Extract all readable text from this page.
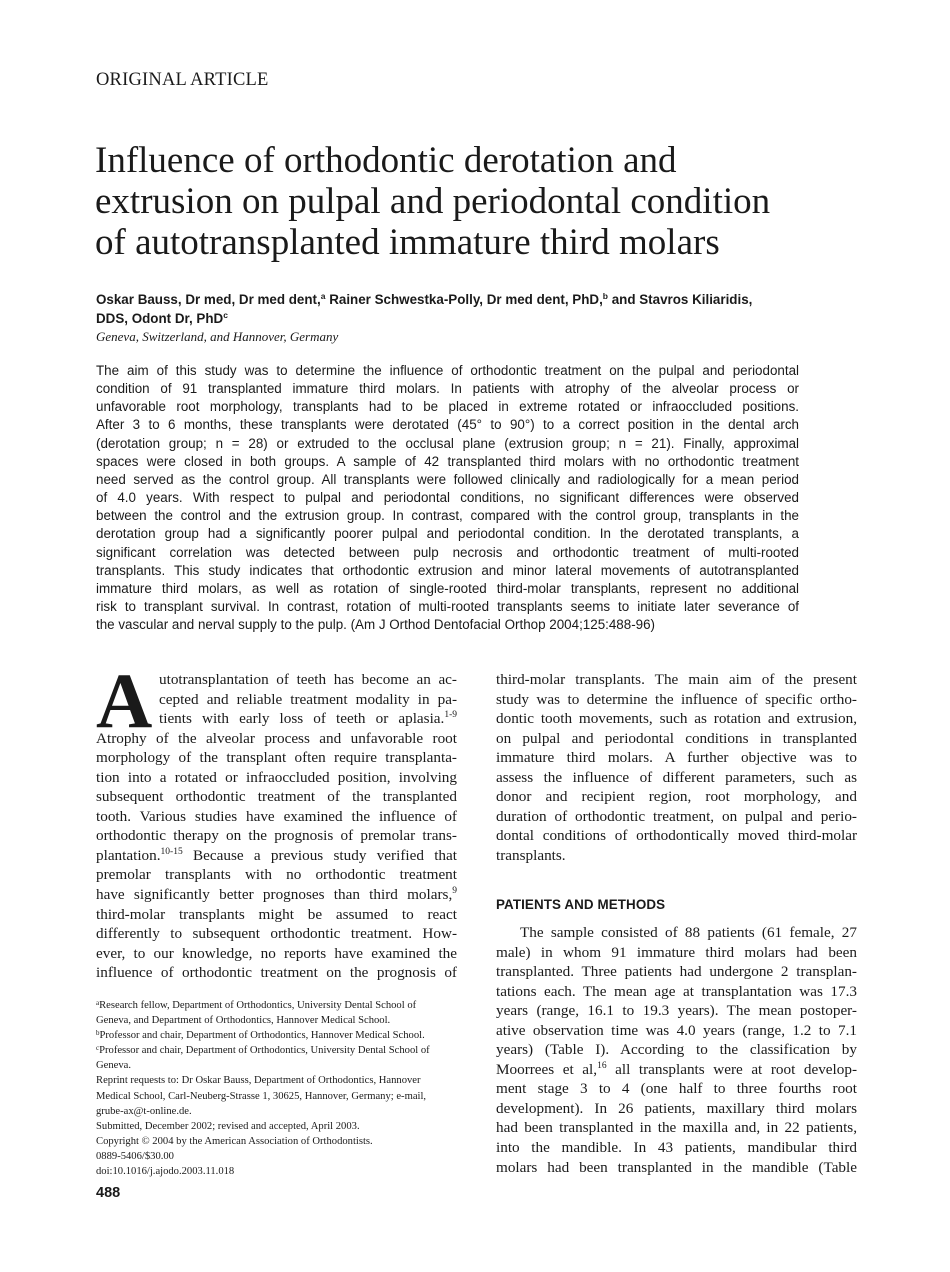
ORIGINAL ARTICLE
Influence of orthodontic derotation and
extrusion on pulpal and periodontal condition
of autotransplanted immature third molars
Oskar Bauss, Dr med, Dr med dent,$^a$ Rainer Schwestka-Polly, Dr med dent, PhD,$^b$ and Stavros Kiliaridis,
DDS, Odont Dr, PhD$^c$
Geneva, Switzerland, and Hannover, Germany
The aim of this study was to determine the influence of orthodontic treatment on the pulpal and periodontal
condition of 91 transplanted immature third molars. In patients with atrophy of the alveolar process or
unfavorable root morphology, transplants had to be placed in extreme rotated or infraoccluded positions.
After 3 to 6 months, these transplants were derotated (45° to 90°) to a correct position in the dental arch
(derotation group; n = 28) or extruded to the occlusal plane (extrusion group; n = 21). Finally, approximal
spaces were closed in both groups. A sample of 42 transplanted third molars with no orthodontic treatment
need served as the control group. All transplants were followed clinically and radiologically for a mean period
of 4.0 years. With respect to pulpal and periodontal conditions, no significant differences were observed
between the control and the extrusion group. In contrast, compared with the control group, transplants in the
derotation group had a significantly poorer pulpal and periodontal condition. In the derotated transplants, a
significant correlation was detected between pulp necrosis and orthodontic treatment of multi-rooted
transplants. This study indicates that orthodontic extrusion and minor lateral movements of autotransplanted
immature third molars, as well as rotation of single-rooted third-molar transplants, represent no additional
risk to transplant survival. In contrast, rotation of multi-rooted transplants seems to initiate later severance of
the vascular and nerval supply to the pulp. (Am J Orthod Dentofacial Orthop 2004;125:488-96)
A utotransplantation of teeth has become an ac-
cepted and reliable treatment modality in pa-
tients with early loss of teeth or aplasia.$^{1-9}$
Atrophy of the alveolar process and unfavorable root
morphology of the transplant often require transplanta-
tion into a rotated or infraoccluded position, involving
subsequent orthodontic treatment of the transplanted
tooth. Various studies have examined the influence of
orthodontic therapy on the prognosis of premolar trans-
plantation.$^{10-15}$ Because a previous study verified that
premolar transplants with no orthodontic treatment
have significantly better prognoses than third molars,$^9$
third-molar transplants might be assumed to react
differently to subsequent orthodontic treatment. How-
ever, to our knowledge, no reports have examined the
influence of orthodontic treatment on the prognosis of
$^a$Research fellow, Department of Orthodontics, University Dental School of
Geneva, and Department of Orthodontics, Hannover Medical School.
$^b$Professor and chair, Department of Orthodontics, Hannover Medical School.
$^c$Professor and chair, Department of Orthodontics, University Dental School of
Geneva.
Reprint requests to: Dr Oskar Bauss, Department of Orthodontics, Hannover
Medical School, Carl-Neuberg-Strasse 1, 30625, Hannover, Germany; e-mail,
grube-ax@t-online.de.
Submitted, December 2002; revised and accepted, April 2003.
Copyright © 2004 by the American Association of Orthodontists.
0889-5406/$30.00
doi:10.1016/j.ajodo.2003.11.018
488
third-molar transplants. The main aim of the present
study was to determine the influence of specific ortho-
dontic tooth movements, such as rotation and extrusion,
on pulpal and periodontal conditions in transplanted
immature third molars. A further objective was to
assess the influence of different parameters, such as
donor and recipient region, root morphology, and
duration of orthodontic treatment, on pulpal and perio-
dontal conditions of orthodontically moved third-molar
transplants.
PATIENTS AND METHODS
The sample consisted of 88 patients (61 female, 27
male) in whom 91 immature third molars had been
transplanted. Three patients had undergone 2 transplan-
tations each. The mean age at transplantation was 17.3
years (range, 16.1 to 19.3 years). The mean postoper-
ative observation time was 4.0 years (range, 1.2 to 7.1
years) (Table I). According to the classification by
Moorrees et al,$^{16}$ all transplants were at root develop-
ment stage 3 to 4 (one half to three fourths root
development). In 26 patients, maxillary third molars
had been transplanted in the maxilla and, in 22 patients,
into the mandible. In 43 patients, mandibular third
molars had been transplanted in the mandible (Table
